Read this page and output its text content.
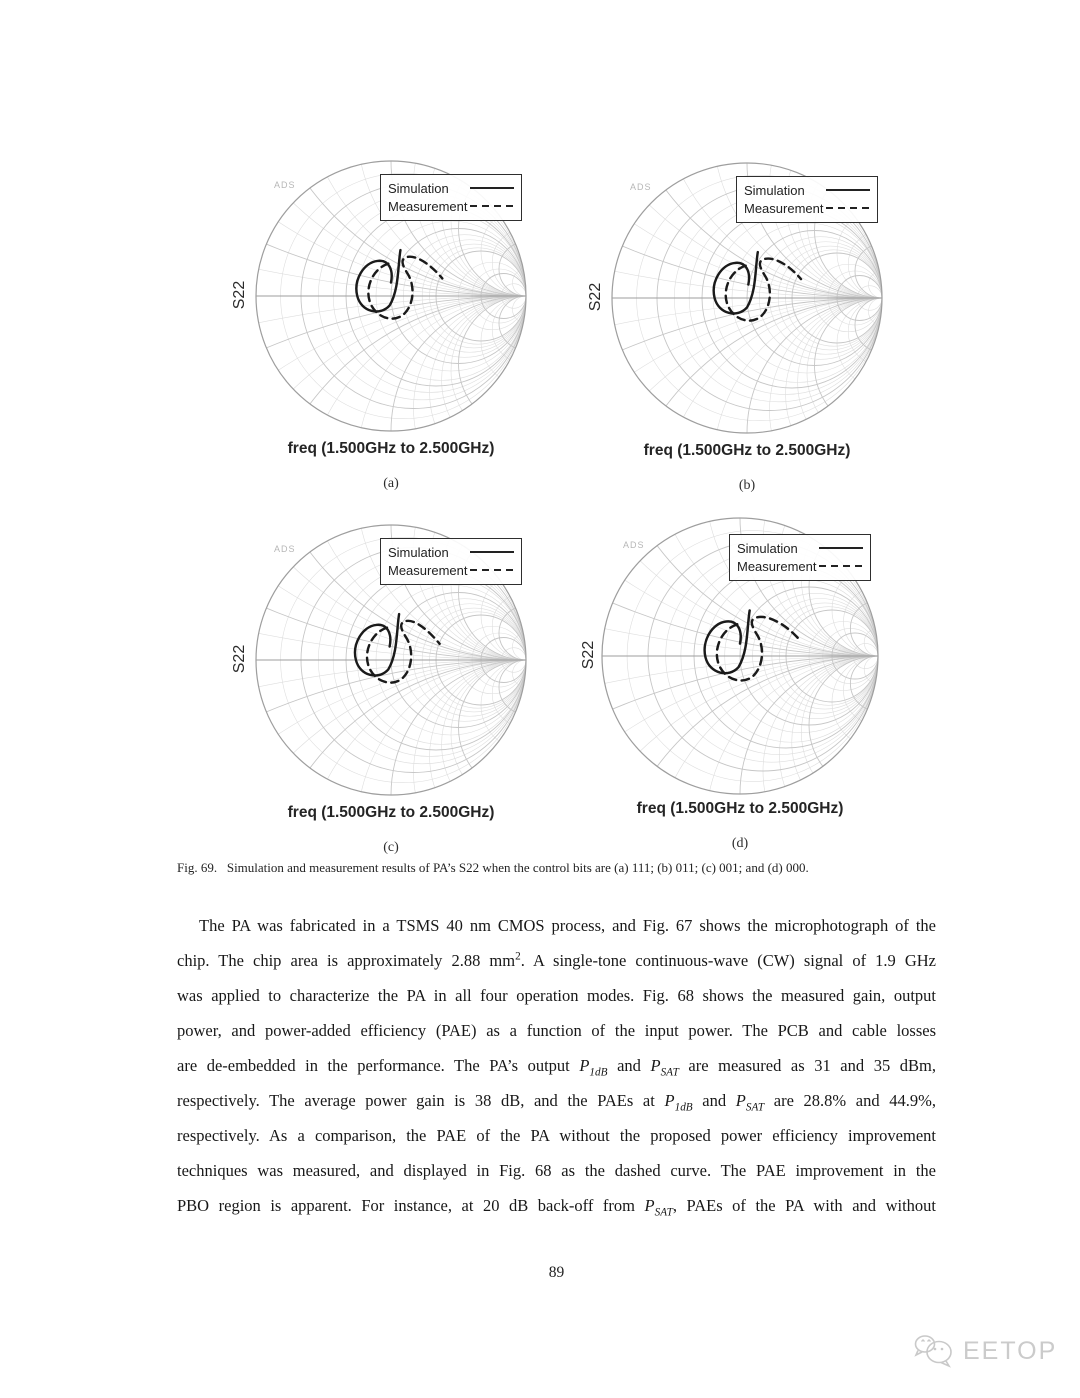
ADS
S22
Simulation
Measurement
freq (1.500GHz to 2.500GHz)
(a)
ADS
S22
Simulation
Measurement
freq (1.500GHz to 2.500GHz)
(b)
ADS
S22
Simulation
Measurement
freq (1.500GHz to 2.500GHz)
(c)
ADS
S22
Simulation
Measurement
freq (1.500GHz to 2.500GHz)
(d)
Fig. 69.   Simulation and measurement results of PA’s S22 when the control bits are (a) 111; (b) 011; (c) 001; and (d) 000.
The PA was fabricated in a TSMS 40 nm CMOS process, and Fig. 67 shows the microphotograph of the
chip. The chip area is approximately 2.88 $mm^2$. A single-tone continuous-wave (CW) signal of 1.9 GHz
was applied to characterize the PA in all four operation modes. Fig. 68 shows the measured gain, output
power, and power-added efficiency (PAE) as a function of the input power. The PCB and cable losses
are de-embedded in the performance. The PA’s output $P_{1dB}$ and $P_{SAT}$ are measured as 31 and 35 dBm,
respectively. The average power gain is 38 dB, and the PAEs at $P_{1dB}$ and $P_{SAT}$ are 28.8% and 44.9%,
respectively. As a comparison, the PAE of the PA without the proposed power efficiency improvement
techniques was measured, and displayed in Fig. 68 as the dashed curve. The PAE improvement in the
PBO region is apparent. For instance, at 20 dB back-off from $P_{SAT}$, PAEs of the PA with and without
89
EETOP
